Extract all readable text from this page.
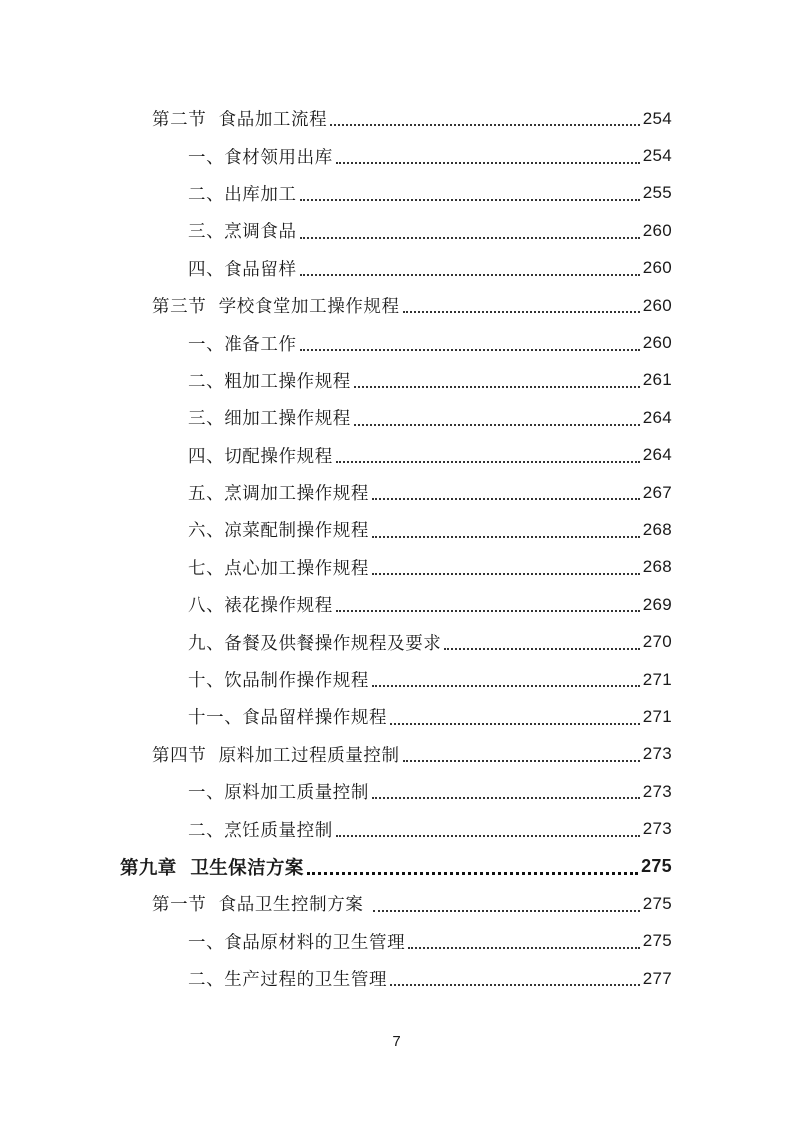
第二节  食品加工流程	254
一、食材领用出库	254
二、出库加工	255
三、烹调食品	260
四、食品留样	260
第三节  学校食堂加工操作规程	260
一、准备工作	260
二、粗加工操作规程	261
三、细加工操作规程	264
四、切配操作规程	264
五、烹调加工操作规程	267
六、凉菜配制操作规程	268
七、点心加工操作规程	268
八、裱花操作规程	269
九、备餐及供餐操作规程及要求	270
十、饮品制作操作规程	271
十一、食品留样操作规程	271
第四节  原料加工过程质量控制	273
一、原料加工质量控制	273
二、烹饪质量控制	273
第九章  卫生保洁方案	275
第一节  食品卫生控制方案	275
一、食品原材料的卫生管理	275
二、生产过程的卫生管理	277
7
